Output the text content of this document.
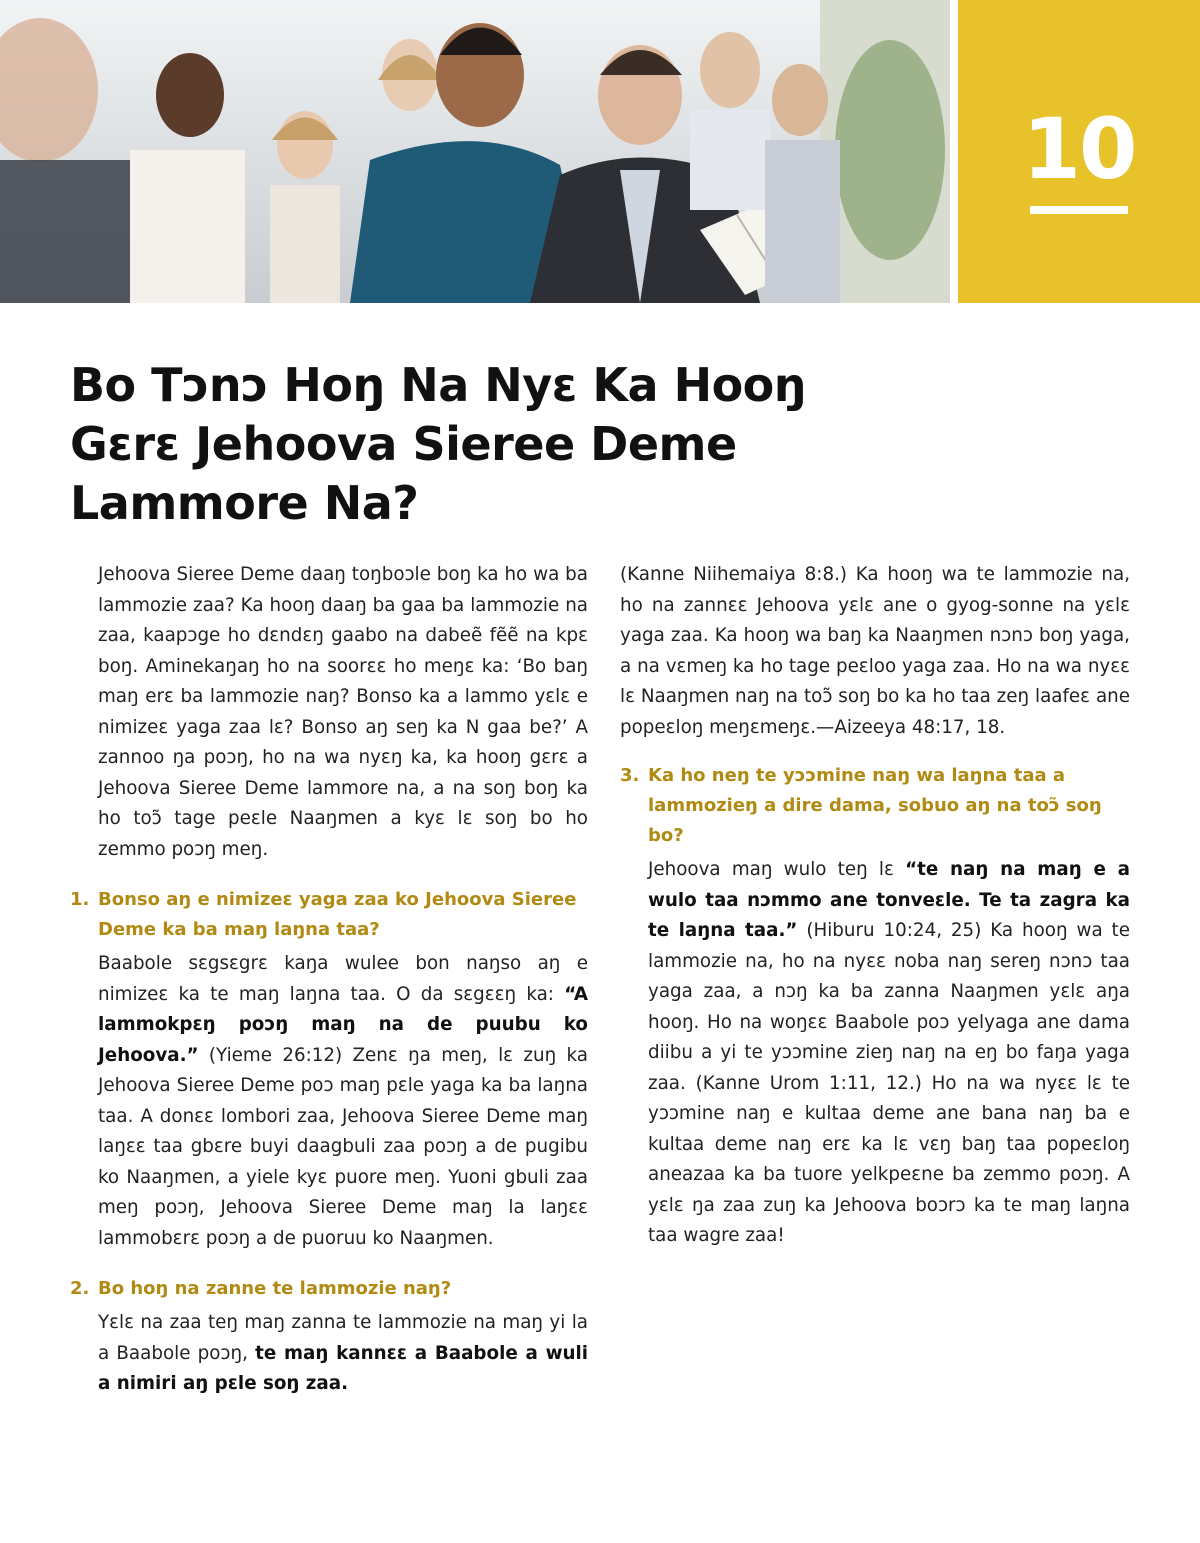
10
Bo Tɔnɔ Hoŋ Na Nyɛ Ka Hooŋ
Gɛrɛ Jehoova Sieree Deme
Lammore Na?

Jehoova Sieree Deme daaŋ toŋboɔle boŋ ka ho wa ba lammozie zaa? Ka hooŋ daaŋ ba gaa ba lammozie na zaa, kaapɔge ho dɛndɛŋ gaabo na dabeẽ fẽẽ na kpɛ boŋ. Aminekaŋaŋ ho na soorɛɛ ho meŋɛ ka: ‘Bo baŋ maŋ erɛ ba lammozie naŋ? Bonso ka a lammo yɛlɛ e nimizeɛ yaga zaa lɛ? Bonso aŋ seŋ ka N gaa be?’ A zannoo ŋa poɔŋ, ho na wa nyɛŋ ka, ka hooŋ gɛrɛ a Jehoova Sieree Deme lammore na, a na soŋ boŋ ka ho toɔ̃ tage peɛle Naaŋmen a kyɛ lɛ soŋ bo ho zemmo poɔŋ meŋ.

1. Bonso aŋ e nimizeɛ yaga zaa ko Jehoova Sieree Deme ka ba maŋ laŋna taa?

Baabole sɛgsɛgrɛ kaŋa wulee bon naŋso aŋ e nimizeɛ ka te maŋ laŋna taa. O da sɛgɛɛŋ ka: “A lammokpɛŋ poɔŋ maŋ na de puubu ko Jehoova.” (Yieme 26:12) Zenɛ ŋa meŋ, lɛ zuŋ ka Jehoova Sieree Deme poɔ maŋ pɛle yaga ka ba laŋna taa. A donɛɛ lombori zaa, Jehoova Sieree Deme maŋ laŋɛɛ taa gbɛre buyi daagbuli zaa poɔŋ a de pugibu ko Naaŋmen, a yiele kyɛ puore meŋ. Yuoni gbuli zaa meŋ poɔŋ, Jehoova Sieree Deme maŋ la laŋɛɛ lammobɛrɛ poɔŋ a de puoruu ko Naaŋmen.

2. Bo hoŋ na zanne te lammozie naŋ?

Yɛlɛ na zaa teŋ maŋ zanna te lammozie na maŋ yi la a Baabole poɔŋ, te maŋ kannɛɛ a Baabole a wuli a nimiri aŋ pɛle soŋ zaa.

(Kanne Niihemaiya 8:8.) Ka hooŋ wa te lammozie na, ho na zannɛɛ Jehoova yɛlɛ ane o gyog-sonne na yɛlɛ yaga zaa. Ka hooŋ wa baŋ ka Naaŋmen nɔnɔ boŋ yaga, a na vɛmeŋ ka ho tage peɛloo yaga zaa. Ho na wa nyɛɛ lɛ Naaŋmen naŋ na toɔ̃ soŋ bo ka ho taa zeŋ laafeɛ ane popeɛloŋ meŋɛmeŋɛ.—Aizeeya 48:17, 18.

3. Ka ho neŋ te yɔɔmine naŋ wa laŋna taa a lammozieŋ a dire dama, sobuo aŋ na toɔ̃ soŋ bo?

Jehoova maŋ wulo teŋ lɛ “te naŋ na maŋ e a wulo taa nɔmmo ane tonveɛle. Te ta zagra ka te laŋna taa.” (Hiburu 10:24, 25) Ka hooŋ wa te lammozie na, ho na nyɛɛ noba naŋ sereŋ nɔnɔ taa yaga zaa, a nɔŋ ka ba zanna Naaŋmen yɛlɛ aŋa hooŋ. Ho na woŋɛɛ Baabole poɔ yelyaga ane dama diibu a yi te yɔɔmine zieŋ naŋ na eŋ bo faŋa yaga zaa. (Kanne Urom 1:11, 12.) Ho na wa nyɛɛ lɛ te yɔɔmine naŋ e kultaa deme ane bana naŋ ba e kultaa deme naŋ erɛ ka lɛ vɛŋ baŋ taa popeɛloŋ aneazaa ka ba tuore yelkpeɛne ba zemmo poɔŋ. A yɛlɛ ŋa zaa zuŋ ka Jehoova boɔrɔ ka te maŋ laŋna taa wagre zaa!
